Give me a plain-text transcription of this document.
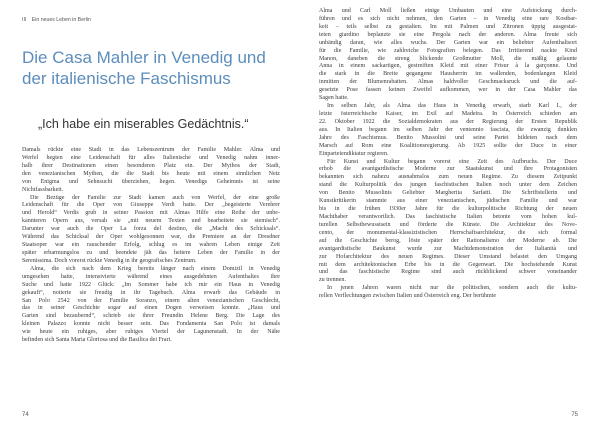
III Ein neues Leben in Berlin
Die Casa Mahler in Venedig und
der italienische Faschismus
„Ich habe ein miserables Gedächtnis.“

Damals rückte eine Stadt in das Lebenszentrum der Familie Mahler. Alma und

Werfel hegten eine Leidenschaft für alles Italienische und Venedig nahm inner-

halb ihrer Destinationen einen besonderen Platz ein. Der Mythos der Stadt,

den venezianischen Mythen, die die Stadt bis heute mit einem sinnlichen Netz

von Enigma und Sehnsucht überziehen, liegen. Venedigs Geheimnis ist seine

Nichtfassbarkeit.

Die Bezüge der Familie zur Stadt kamen auch von Werfel, der eine große

Leidenschaft für die Oper von Giuseppe Verdi hatte. Der „begeisterte Verehrer

und Herold“ Verdis grub in seiner Passion mit Almas Hilfe eine Reihe der unbe-

kannteren Opern aus, versah sie „mit neuem Texten und bearbeitete sie stemisch“.

Darunter war auch die Oper La forza del destino, die „Macht des Schicksals“.

Während das Schicksal der Oper wohlgesonnen war, die Premiere an der Dresdner

Staatsoper war ein rauschender Erfolg, schlug es im wahren Leben einige Zeit

später erbarmungslos zu und beendete jäh das heitere Leben der Familie in der

Serenissima. Doch vorerst rückte Venedig in ihr geografisches Zentrum.

Alma, die sich nach dem Krieg bereits länger nach einem Domizil in Venedig

umgesehen hatte, intensivierte während eines ausgedehnten Aufenthaltes ihre

Suche und hatte 1922 Glück: „Im Sommer habe ich mir ein Haus in Venedig

gekauft“, notierte sie freudig in ihr Tagebuch. Alma erwarb das Gebäude in

San Polo 2542 von der Familie Soranzo, einem alten venezianischen Geschlecht,

das in seiner Geschichte sogar auf einen Dogen verweisen konnte. „Haus und

Garten sind bezaubernd“, schrieb sie ihrer Freundin Helene Berg. Die Lage des

kleinen Palazzo konnte nicht besser sein. Das Fondamenta San Polo ist damals

wie heute ein ruhiges, aber ruhiges Viertel der Lagunenstadt. In der Nähe

befinden sich Santa Maria Gloriosa und die Basilica dei Frari.

74

Alma und Carl Moll ließen einige Umbauten und eine Aufstockung durch-

führen und es sich nicht nehmen, den Garten – in Venedig eine rare Kostbar-

keit – teils selbst zu gestalten. Im mit Palmen und Zitronen üppig ausgestat-

teten giardino beplanzte sie eine Pergola nach der anderen. Alma freute sich

unbändig daran, wie alles wuchs. Der Garten war ein beliebter Aufenthaltsort

für die Familie, wie zahlreiche Fotografien belegen. Das Irritierend nackte Kind

Manon, daneben die streng blickende Großmutter Moll, die mäßig gelaunte

Anna in einem sackartigen, gestreiften Kleid mit einer Frisur à la garçonne. Und

die stark in die Breite gegangene Hausherrin im wallenden, bodenlangen Kleid

inmitten der Blumenrabatten. Almas haldvoller Geschmacksruck und die auf-

gesetzte Pose fassen keinen Zweifel aufkommen, wer in der Casa Mahler das

Sagen hatte.

Im selben Jahr, als Alma das Haus in Venedig erwarb, starb Karl I., der

letzte österreichische Kaiser, im Exil auf Madeira. In Österreich schieden am

22. Oktober 1922 die Sozialdemokraten aus der Regierung der Ersten Republik

aus. In Italien begann im selben Jahr der ventennio fascista, die zwanzig dunklen

Jahre des Faschismus. Benito Mussolini und seine Partei bildeten nach dem

Marsch auf Rom eine Koalitionsregierung. Ab 1925 sollte der Duce in einer

Einparteiendiktatur regieren.

Für Kunst und Kultur begann vorerst eine Zeit des Aufbruchs. Der Duce

erhob die avantgardistische Moderne zur Staatskunst und ihre Protagonisten

bekannten sich nahezu ausnahmslos zum neuen Regime. Zu diesem Zeitpunkt

stand die Kulturpolitik des jungen faschistischen Italien noch unter dem Zeichen

von Benito Mussolinis Geliebter Margherita Sarfatti. Die Schriftstellerin und

Kunstkritikerin stammte aus einer venezianischen, jüdischen Familie und war

bis in die frühen 1930er Jahre für die kulturpolitische Richtung der neuen

Machthaber verantwortlich. Das faschistische Italien betonte vom hohen kul-

turellen Selbstbewusstsein und förderte die Künste. Die Architektur des Nove-

cento, der monumental-klassizistischen Herrschaftsarchitektur, die sich formal

auf die Geschichte berog, löste später der Rationalismo der Moderne ab. Die

avantgardistische Baukunst wurde zur Machtdemonstration der Italianità und

zur Hofarchitektur des neuen Regimes. Dieser Umstand belastet den Umgang

mit dem architektonischen Erbe bis in die Gegenwart. Die hochstehende Kunst

und das faschistische Regime sind auch rückblickend schwer voneinander

zu trennen.

In jenen Jahren waren nicht nur die politischen, sondern auch die kultu-

rellen Verflechtungen zwischen Italien und Österreich eng. Der berühmte

75
